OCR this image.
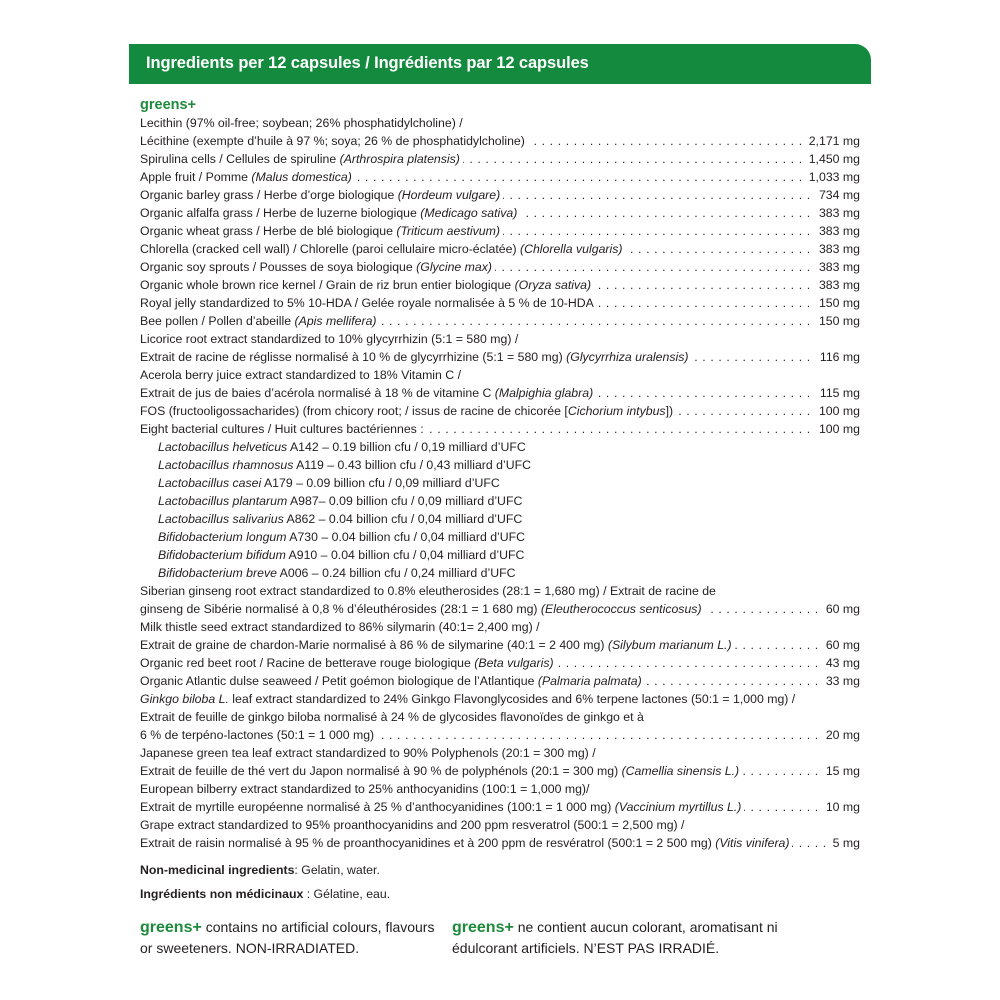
Ingredients per 12 capsules / Ingrédients par 12 capsules
greens+
Lecithin (97% oil-free; soybean; 26% phosphatidylcholine) /
. . . Lécithine (exempte d’huile à 97 %; soya; 26 % de phosphatidylcholine)	2,171 mg
. . . Spirulina cells / Cellules de spiruline (Arthrospira platensis)	1,450 mg
. . . Apple fruit / Pomme (Malus domestica)	1,033 mg
. . . Organic barley grass / Herbe d’orge biologique (Hordeum vulgare)	734 mg
. . . Organic alfalfa grass / Herbe de luzerne biologique (Medicago sativa)	383 mg
. . . Organic wheat grass / Herbe de blé biologique (Triticum aestivum)	383 mg
. . . Chlorella (cracked cell wall) / Chlorelle (paroi cellulaire micro-éclatée) (Chlorella vulgaris)	383 mg
. . . Organic soy sprouts / Pousses de soya biologique (Glycine max)	383 mg
. . . Organic whole brown rice kernel / Grain de riz brun entier biologique (Oryza sativa)	383 mg
. . . Royal jelly standardized to 5% 10-HDA / Gelée royale normalisée à 5 % de 10-HDA	150 mg
. . . Bee pollen / Pollen d’abeille (Apis mellifera)	150 mg
Licorice root extract standardized to 10% glycyrrhizin (5:1 = 580 mg) /
. . . Extrait de racine de réglisse normalisé à 10 % de glycyrrhizine (5:1 = 580 mg) (Glycyrrhiza uralensis)	116 mg
Acerola berry juice extract standardized to 18% Vitamin C /
. . . Extrait de jus de baies d’acérola normalisé à 18 % de vitamine C (Malpighia glabra)	115 mg
. . . FOS (fructooligossacharides) (from chicory root; / issus de racine de chicorée [Cichorium intybus])	100 mg
. . . Eight bacterial cultures / Huit cultures bactériennes :	100 mg
Lactobacillus helveticus A142 – 0.19 billion cfu / 0,19 milliard d’UFC
Lactobacillus rhamnosus A119 – 0.43 billion cfu / 0,43 milliard d’UFC
Lactobacillus casei A179 – 0.09 billion cfu / 0,09 milliard d’UFC
Lactobacillus plantarum A987– 0.09 billion cfu / 0,09 milliard d’UFC
Lactobacillus salivarius A862 – 0.04 billion cfu / 0,04 milliard d’UFC
Bifidobacterium longum A730 – 0.04 billion cfu / 0,04 milliard d’UFC
Bifidobacterium bifidum A910 – 0.04 billion cfu / 0,04 milliard d’UFC
Bifidobacterium breve A006 – 0.24 billion cfu / 0,24 milliard d’UFC
Siberian ginseng root extract standardized to 0.8% eleutherosides (28:1 = 1,680 mg) / Extrait de racine de
. . . ginseng de Sibérie normalisé à 0,8 % d’éleuthérosides (28:1 = 1 680 mg) (Eleutherococcus senticosus)	60 mg
Milk thistle seed extract standardized to 86% silymarin (40:1= 2,400 mg) /
. . . Extrait de graine de chardon-Marie normalisé à 86 % de silymarine (40:1 = 2 400 mg) (Silybum marianum L.)	60 mg
. . . Organic red beet root / Racine de betterave rouge biologique (Beta vulgaris)	43 mg
. . . Organic Atlantic dulse seaweed / Petit goémon biologique de l’Atlantique (Palmaria palmata)	33 mg
Ginkgo biloba L. leaf extract standardized to 24% Ginkgo Flavonglycosides and 6% terpene lactones (50:1 = 1,000 mg) /
Extrait de feuille de ginkgo biloba normalisé à 24 % de glycosides flavonoïdes de ginkgo et à
. . . 6 % de terpéno-lactones (50:1 = 1 000 mg)	20 mg
Japanese green tea leaf extract standardized to 90% Polyphenols (20:1 = 300 mg) /
. . . Extrait de feuille de thé vert du Japon normalisé à 90 % de polyphénols (20:1 = 300 mg) (Camellia sinensis L.)	15 mg
European bilberry extract standardized to 25% anthocyanidins (100:1 = 1,000 mg)/
. . . Extrait de myrtille européenne normalisé à 25 % d’anthocyanidines (100:1 = 1 000 mg) (Vaccinium myrtillus L.)	10 mg
Grape extract standardized to 95% proanthocyanidins and 200 ppm resveratrol (500:1 = 2,500 mg) /
. . . Extrait de raisin normalisé à 95 % de proanthocyanidines et à 200 ppm de resvératrol (500:1 = 2 500 mg) (Vitis vinifera)	5 mg
Non-medicinal ingredients: Gelatin, water.
Ingrédients non médicinaux : Gélatine, eau.
greens+ contains no artificial colours, flavours or sweeteners. NON-IRRADIATED.
greens+ ne contient aucun colorant, aromatisant ni édulcorant artificiels. N’EST PAS IRRADIÉ.
